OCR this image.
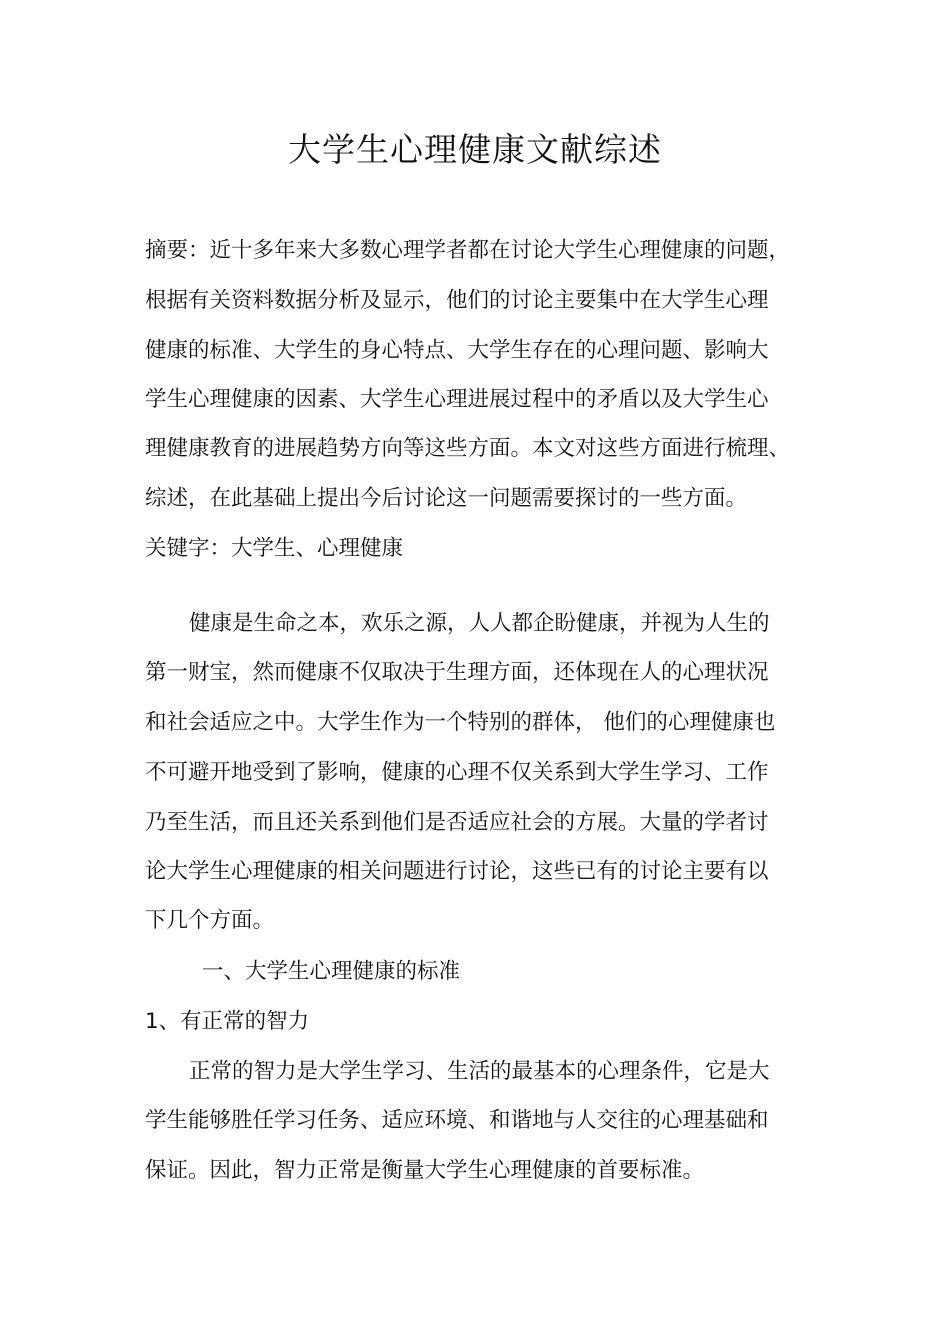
大学生心理健康文献综述
摘要：近十多年来大多数心理学者都在讨论大学生心理健康的问题，
根据有关资料数据分析及显示，他们的讨论主要集中在大学生心理
健康的标准、大学生的身心特点、大学生存在的心理问题、影响大
学生心理健康的因素、大学生心理进展过程中的矛盾以及大学生心
理健康教育的进展趋势方向等这些方面。本文对这些方面进行梳理、
综述，在此基础上提出今后讨论这一问题需要探讨的一些方面。
关键字：大学生、心理健康
健康是生命之本，欢乐之源，人人都企盼健康，并视为人生的
第一财宝，然而健康不仅取决于生理方面，还体现在人的心理状况
和社会适应之中。大学生作为一个特别的群体， 他们的心理健康也
不可避开地受到了影响，健康的心理不仅关系到大学生学习、工作
乃至生活，而且还关系到他们是否适应社会的方展。大量的学者讨
论大学生心理健康的相关问题进行讨论，这些已有的讨论主要有以
下几个方面。
一、大学生心理健康的标准
1、有正常的智力
正常的智力是大学生学习、生活的最基本的心理条件，它是大
学生能够胜任学习任务、适应环境、和谐地与人交往的心理基础和
保证。因此，智力正常是衡量大学生心理健康的首要标准。
